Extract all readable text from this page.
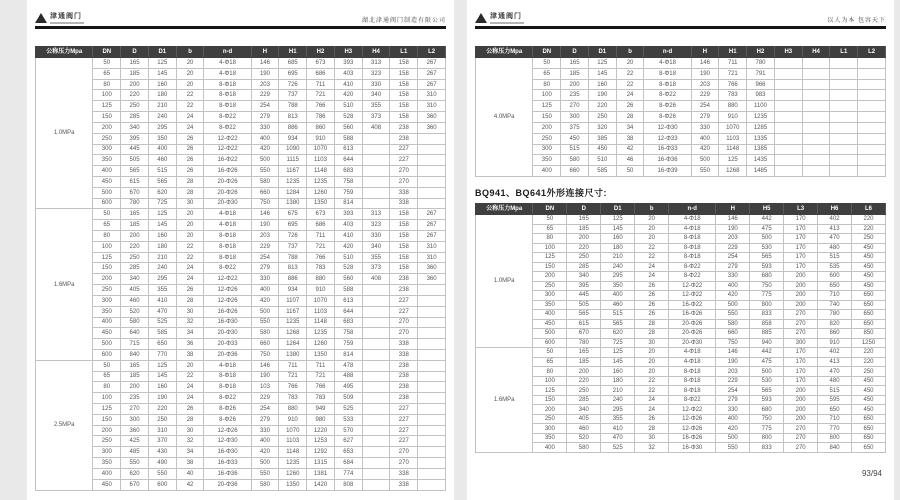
津通阀门
湖北津通阀门制造有限公司
公称压力Mpa	DN	D	D1	b	n-d	H	H1	H2	H3	H4	L1	L2
1.0MPa	50	165	125	20	4-Φ18	146	685	673	393	313	158	267
	65	185	145	20	4-Φ18	190	695	686	403	323	158	267
	80	200	160	20	8-Φ18	203	726	711	410	330	158	267
	100	220	180	22	8-Φ18	229	737	721	420	340	158	310
	125	250	210	22	8-Φ18	254	788	766	510	355	158	310
	150	285	240	24	8-Φ22	279	813	786	528	373	158	360
	200	340	295	24	8-Φ22	330	886	860	560	408	238	360
	250	395	350	26	12-Φ22	400	934	910	588		238	
	300	445	400	26	12-Φ22	420	1090	1070	613		227	
	350	505	460	26	16-Φ22	500	1115	1103	644		227	
	400	565	515	26	16-Φ26	550	1167	1148	683		270	
	450	615	565	28	20-Φ26	580	1235	1235	758		270	
	500	670	620	28	20-Φ26	660	1284	1260	759		338	
	600	780	725	30	20-Φ30	750	1380	1350	814		338	
1.6MPa	50	165	125	20	4-Φ18	146	675	673	393	313	158	267
	65	185	145	20	4-Φ18	190	695	686	403	323	158	267
	80	200	160	20	8-Φ18	203	726	711	410	330	158	267
	100	220	180	22	8-Φ18	229	737	721	420	340	158	310
	125	250	210	22	8-Φ18	254	788	766	510	355	158	310
	150	285	240	24	8-Φ22	279	813	783	528	373	158	360
	200	340	295	24	12-Φ22	330	886	880	560	408	238	360
	250	405	355	26	12-Φ26	400	934	910	588		238	
	300	460	410	28	12-Φ26	420	1107	1070	613		227	
	350	520	470	30	16-Φ26	500	1167	1103	644		227	
	400	580	525	32	16-Φ30	550	1235	1148	683		270	
	450	640	585	34	20-Φ30	580	1268	1235	758		270	
	500	715	650	36	20-Φ33	660	1264	1260	759		338	
	600	840	770	38	20-Φ36	750	1380	1350	814		338	
2.5MPa	50	165	125	20	4-Φ18	146	711	711	478		238	
	65	185	145	22	8-Φ18	190	721	721	488		238	
	80	200	160	24	8-Φ18	103	766	766	495		238	
	100	235	190	24	8-Φ22	229	783	783	509		238	
	125	270	220	26	8-Φ26	254	880	949	525		227	
	150	300	250	28	8-Φ26	279	910	980	533		227	
	200	360	310	30	12-Φ26	330	1070	1220	570		227	
	250	425	370	32	12-Φ30	400	1103	1253	627		227	
	300	485	430	34	16-Φ30	420	1148	1292	653		270	
	350	550	490	38	16-Φ33	500	1235	1315	684		270	
	400	620	550	40	16-Φ36	550	1260	1381	774		338	
	450	670	600	42	20-Φ36	580	1350	1420	808		338	
津通阀门
以人为本 包容天下
公称压力Mpa	DN	D	D1	b	n-d	H	H1	H2	H3	H4	L1	L2
4.0MPa	50	165	125	20	4-Φ18	146	711	780				
	65	185	145	22	8-Φ18	190	721	791				
	80	200	160	22	8-Φ18	203	766	966				
	100	235	190	24	8-Φ22	229	783	983				
	125	270	220	26	8-Φ26	254	880	1100				
	150	300	250	28	8-Φ26	279	910	1235				
	200	375	320	34	12-Φ30	330	1070	1285				
	250	450	385	38	12-Φ33	400	1103	1335				
	300	515	450	42	16-Φ33	420	1148	1385				
	350	580	510	46	16-Φ36	500	125	1435				
	400	660	585	50	16-Φ39	550	1268	1485				
BQ941、BQ641外形连接尺寸:
公称压力Mpa	DN	D	D1	b	n-d	H	H5	L3	H6	L6
1.0MPa	50	165	125	20	4-Φ18	146	442	170	402	220
	65	185	145	20	4-Φ18	190	475	170	413	220
	80	200	160	20	8-Φ18	203	500	170	470	250
	100	220	180	22	8-Φ18	229	530	170	480	450
	125	250	210	22	8-Φ18	254	565	170	515	450
	150	285	240	24	8-Φ22	279	593	170	535	450
	200	340	295	24	8-Φ22	330	680	200	600	450
	250	395	350	26	12-Φ22	400	750	200	650	450
	300	445	400	26	12-Φ22	420	775	200	710	650
	350	505	460	26	16-Φ22	500	800	200	740	650
	400	565	515	26	16-Φ26	550	833	270	780	650
	450	615	565	28	20-Φ26	580	858	270	820	650
	500	670	620	28	20-Φ26	660	885	270	860	850
	600	780	725	30	20-Φ30	750	940	300	910	1250
1.6MPa	50	165	125	20	4-Φ18	146	442	170	402	220
	65	185	145	20	4-Φ18	190	475	170	413	220
	80	200	160	20	8-Φ18	203	500	170	470	250
	100	220	180	22	8-Φ18	229	530	170	480	450
	125	250	210	22	8-Φ18	254	565	200	515	450
	150	285	240	24	8-Φ22	279	593	200	595	450
	200	340	295	24	12-Φ22	330	680	200	650	450
	250	405	355	26	12-Φ26	400	750	200	710	650
	300	460	410	28	12-Φ26	420	775	270	770	650
	350	520	470	30	16-Φ26	500	800	270	800	650
	400	580	525	32	16-Φ30	550	833	270	840	650
93/94
